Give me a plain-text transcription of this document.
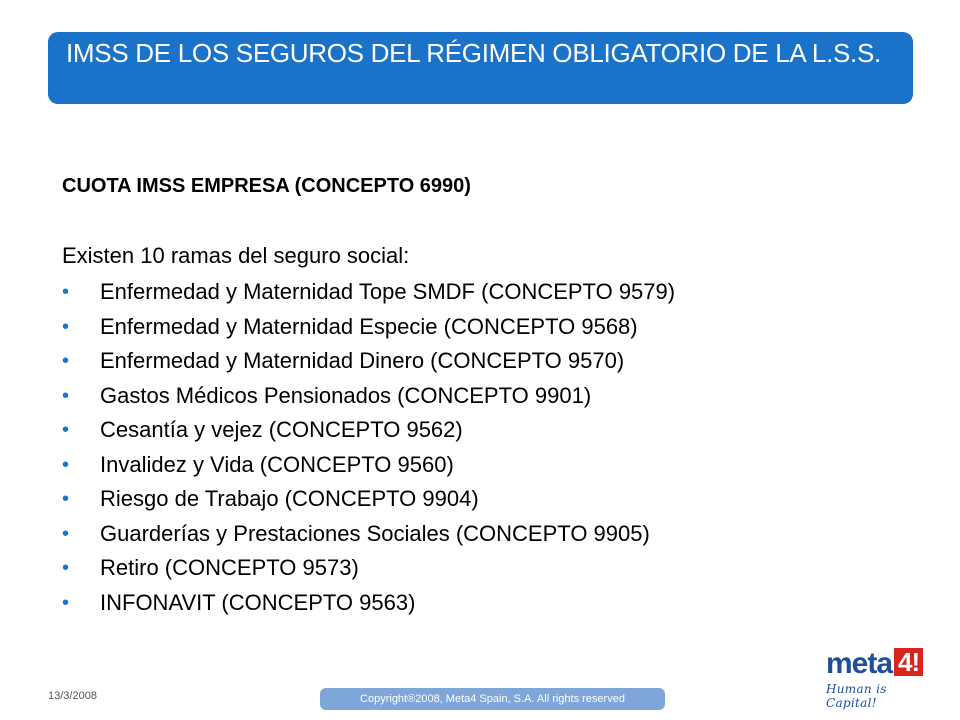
IMSS DE LOS SEGUROS DEL RÉGIMEN OBLIGATORIO DE LA L.S.S.

CUOTA IMSS EMPRESA (CONCEPTO 6990)

Existen 10 ramas del seguro social:

• Enfermedad y Maternidad Tope SMDF (CONCEPTO 9579)
• Enfermedad y Maternidad Especie (CONCEPTO 9568)
• Enfermedad y Maternidad Dinero (CONCEPTO 9570)
• Gastos Médicos Pensionados (CONCEPTO 9901)
• Cesantía y vejez (CONCEPTO 9562)
• Invalidez y Vida (CONCEPTO 9560)
• Riesgo de Trabajo (CONCEPTO 9904)
• Guarderías y Prestaciones Sociales (CONCEPTO 9905)
• Retiro (CONCEPTO 9573)
• INFONAVIT (CONCEPTO 9563)
13/3/2008	Copyright®2008, Meta4 Spain, S.A. All rights reserved
meta 4!
Human is Capital!
